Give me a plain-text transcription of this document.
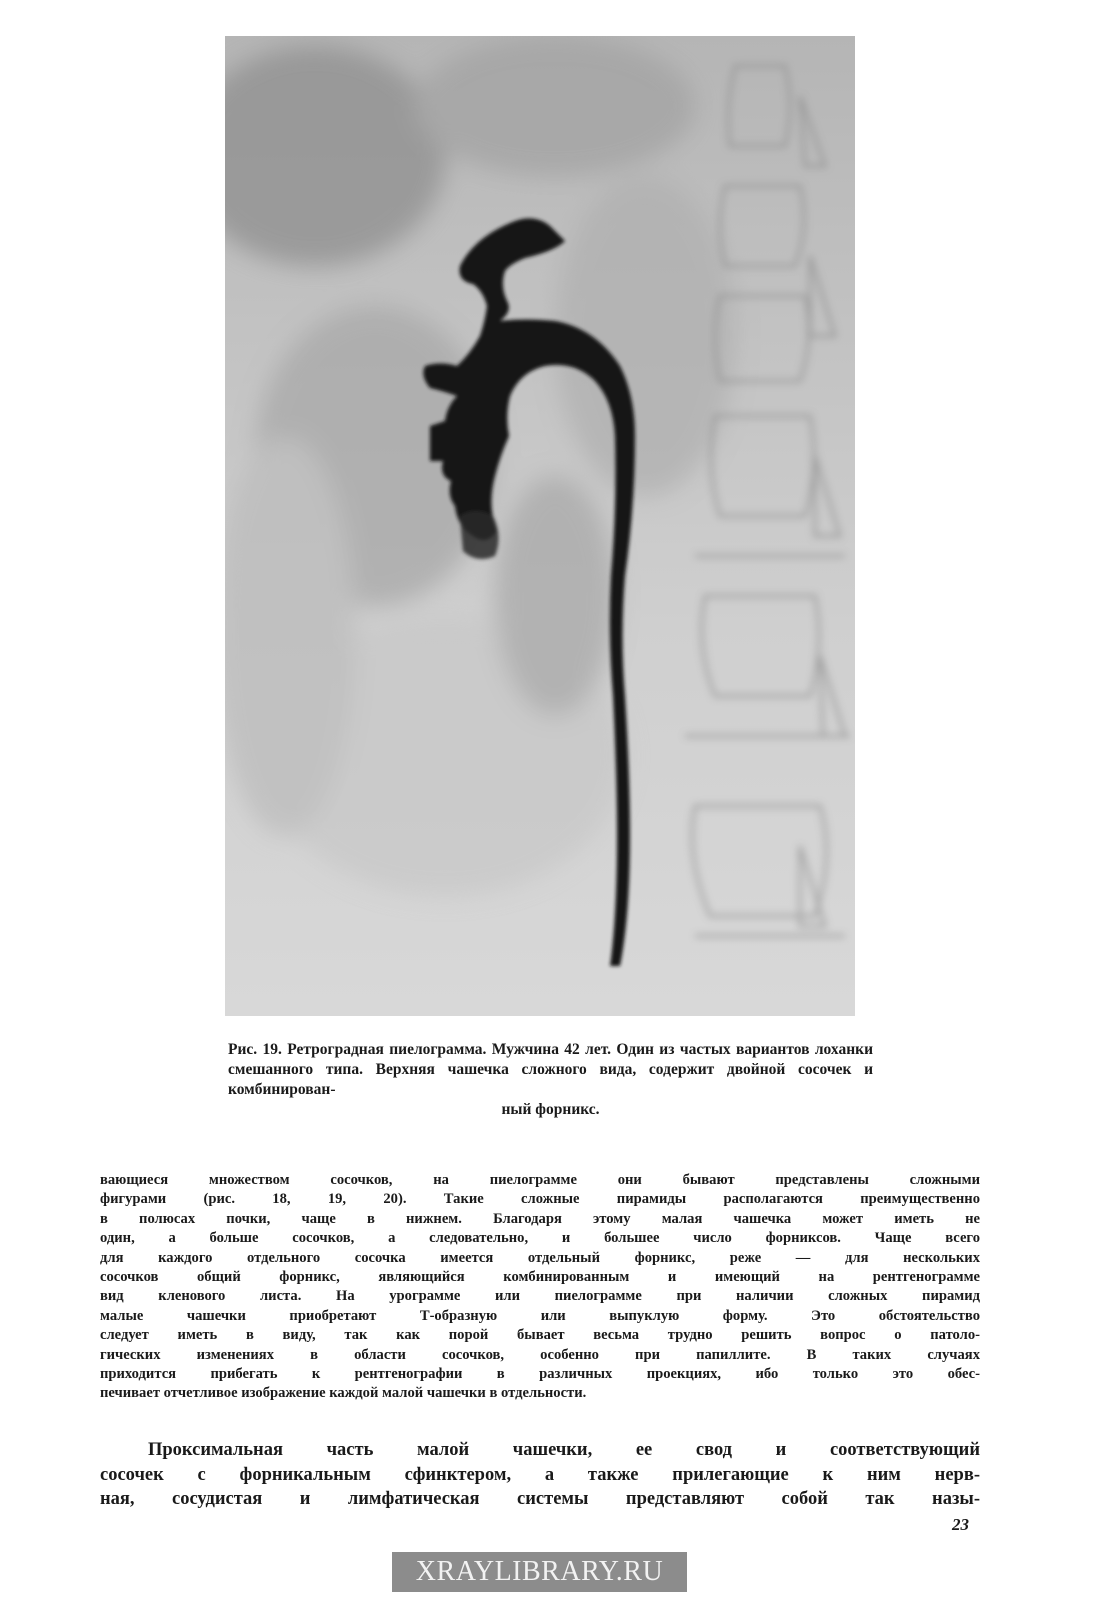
Рис. 19. Ретроградная пиелограмма. Мужчина 42 лет. Один из частых вариантов лоханки смешанного типа. Верхняя чашечка сложного вида, содержит двойной сосочек и комбинирован-
ный форникс.

вающиеся множеством сосочков, на пиелограмме они бывают представлены сложными
фигурами (рис. 18, 19, 20). Такие сложные пирамиды располагаются преимущественно
в полюсах почки, чаще в нижнем. Благодаря этому малая чашечка может иметь не
один, а больше сосочков, а следовательно, и большее число форниксов. Чаще всего
для каждого отдельного сосочка имеется отдельный форникс, реже — для нескольких
сосочков общий форникс, являющийся комбинированным и имеющий на рентгенограмме
вид кленового листа. На урограмме или пиелограмме при наличии сложных пирамид
малые чашечки приобретают Т-образную или выпуклую форму. Это обстоятельство
следует иметь в виду, так как порой бывает весьма трудно решить вопрос о патоло-
гических изменениях в области сосочков, особенно при папиллите. В таких случаях
приходится прибегать к рентгенографии в различных проекциях, ибо только это обес-
печивает отчетливое изображение каждой малой чашечки в отдельности.

Проксимальная часть малой чашечки, ее свод и соответствующий
сосочек с форникальным сфинктером, а также прилегающие к ним нерв-
ная, сосудистая и лимфатическая системы представляют собой так назы-

23
XRAYLIBRARY.RU
